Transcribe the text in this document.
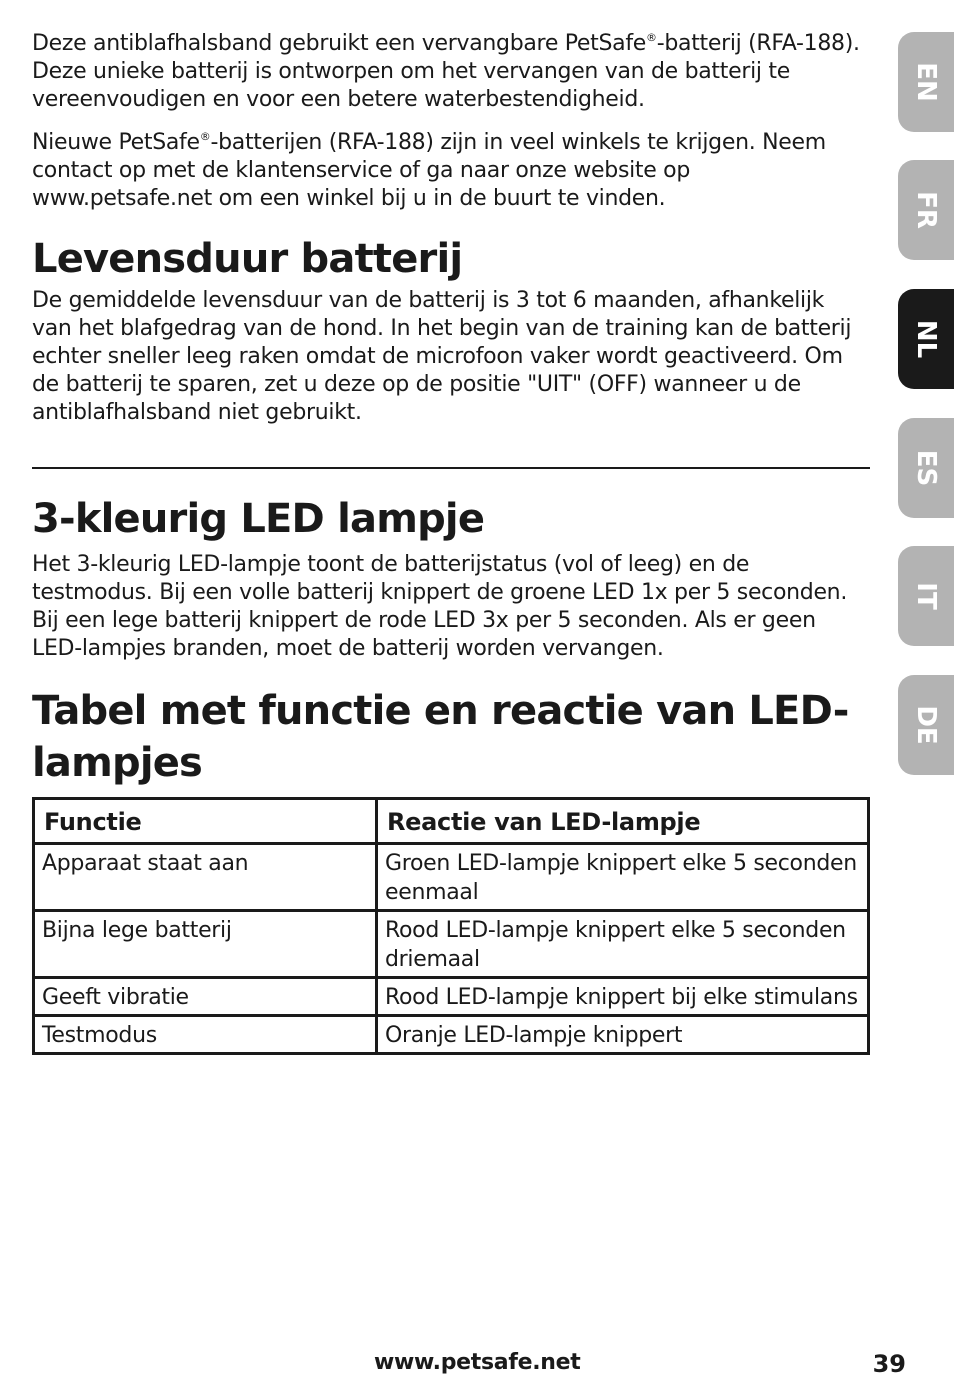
Deze antiblafhalsband gebruikt een vervangbare PetSafe®-batterij (RFA-188). Deze unieke batterij is ontworpen om het vervangen van de batterij te vereenvoudigen en voor een betere waterbestendigheid.

Nieuwe PetSafe®-batterijen (RFA-188) zijn in veel winkels te krijgen. Neem contact op met de klantenservice of ga naar onze website op www.petsafe.net om een winkel bij u in de buurt te vinden.

Levensduur batterij

De gemiddelde levensduur van de batterij is 3 tot 6 maanden, afhankelijk van het blafgedrag van de hond. In het begin van de training kan de batterij echter sneller leeg raken omdat de microfoon vaker wordt geactiveerd. Om de batterij te sparen, zet u deze op de positie "UIT" (OFF) wanneer u de antiblafhalsband niet gebruikt.

3-kleurig LED lampje

Het 3-kleurig LED-lampje toont de batterijstatus (vol of leeg) en de testmodus. Bij een volle batterij knippert de groene LED 1x per 5 seconden. Bij een lege batterij knippert de rode LED 3x per 5 seconden. Als er geen LED-lampjes branden, moet de batterij worden vervangen.

Tabel met functie en reactie van LED-lampjes
Functie	Reactie van LED-lampje
Apparaat staat aan	Groen LED-lampje knippert elke 5 seconden eenmaal
Bijna lege batterij	Rood LED-lampje knippert elke 5 seconden driemaal
Geeft vibratie	Rood LED-lampje knippert bij elke stimulans
Testmodus	Oranje LED-lampje knippert
EN
FR
NL
ES
IT
DE
www.petsafe.net	39
